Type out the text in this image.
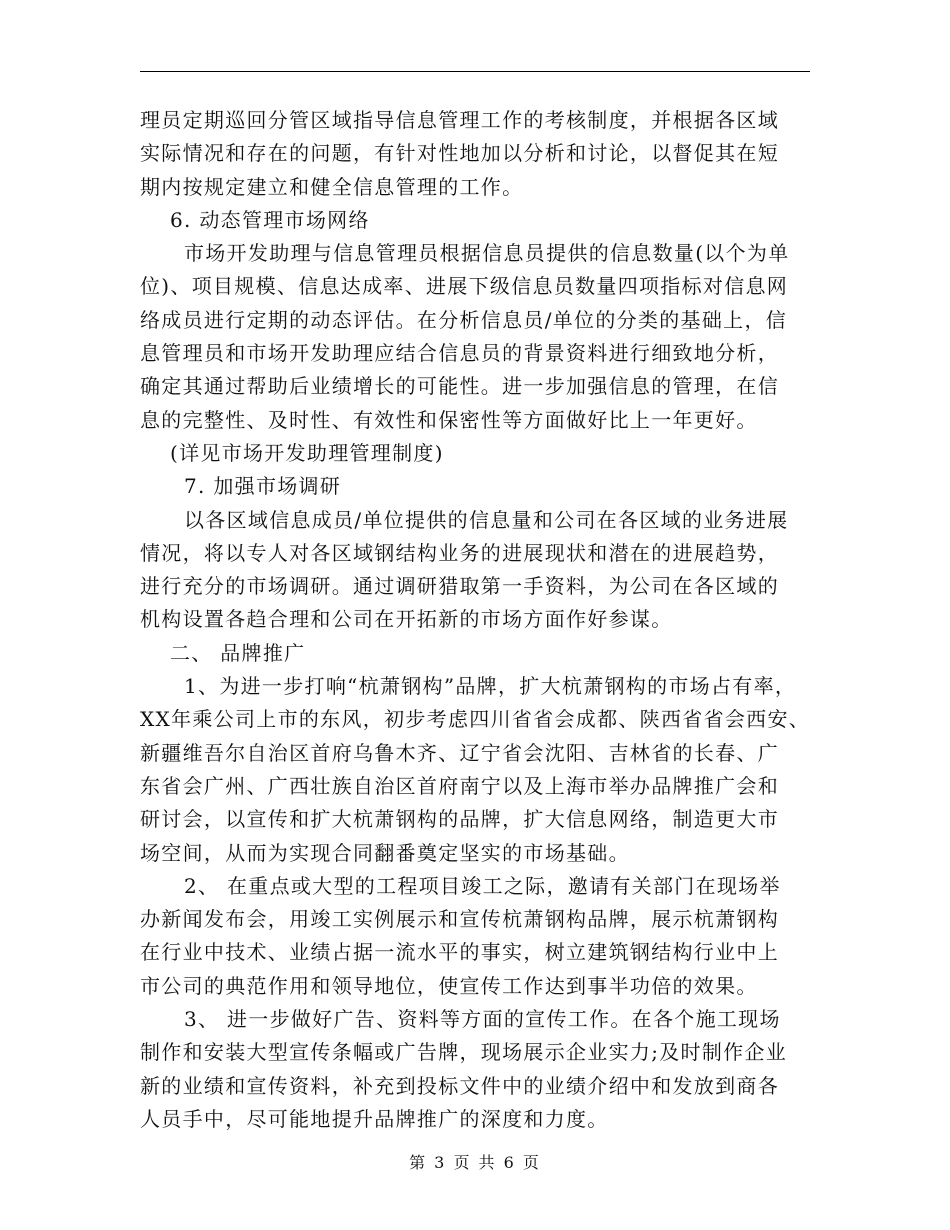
理员定期巡回分管区域指导信息管理工作的考核制度，并根据各区域
实际情况和存在的问题，有针对性地加以分析和讨论，以督促其在短
期内按规定建立和健全信息管理的工作。
6. 动态管理市场网络
市场开发助理与信息管理员根据信息员提供的信息数量(以个为单
位)、项目规模、信息达成率、进展下级信息员数量四项指标对信息网
络成员进行定期的动态评估。在分析信息员/单位的分类的基础上，信
息管理员和市场开发助理应结合信息员的背景资料进行细致地分析，
确定其通过帮助后业绩增长的可能性。进一步加强信息的管理，在信
息的完整性、及时性、有效性和保密性等方面做好比上一年更好。
(详见市场开发助理管理制度)
7. 加强市场调研
以各区域信息成员/单位提供的信息量和公司在各区域的业务进展
情况，将以专人对各区域钢结构业务的进展现状和潜在的进展趋势，
进行充分的市场调研。通过调研猎取第一手资料，为公司在各区域的
机构设置各趋合理和公司在开拓新的市场方面作好参谋。
二、 品牌推广
1、为进一步打响“杭萧钢构”品牌，扩大杭萧钢构的市场占有率，
XX年乘公司上市的东风，初步考虑四川省省会成都、陕西省省会西安、
新疆维吾尔自治区首府乌鲁木齐、辽宁省会沈阳、吉林省的长春、广
东省会广州、广西壮族自治区首府南宁以及上海市举办品牌推广会和
研讨会，以宣传和扩大杭萧钢构的品牌，扩大信息网络，制造更大市
场空间，从而为实现合同翻番奠定坚实的市场基础。
2、 在重点或大型的工程项目竣工之际，邀请有关部门在现场举
办新闻发布会，用竣工实例展示和宣传杭萧钢构品牌，展示杭萧钢构
在行业中技术、业绩占据一流水平的事实，树立建筑钢结构行业中上
市公司的典范作用和领导地位，使宣传工作达到事半功倍的效果。
3、 进一步做好广告、资料等方面的宣传工作。在各个施工现场
制作和安装大型宣传条幅或广告牌，现场展示企业实力;及时制作企业
新的业绩和宣传资料，补充到投标文件中的业绩介绍中和发放到商各
人员手中，尽可能地提升品牌推广的深度和力度。
第 3 页 共 6 页
